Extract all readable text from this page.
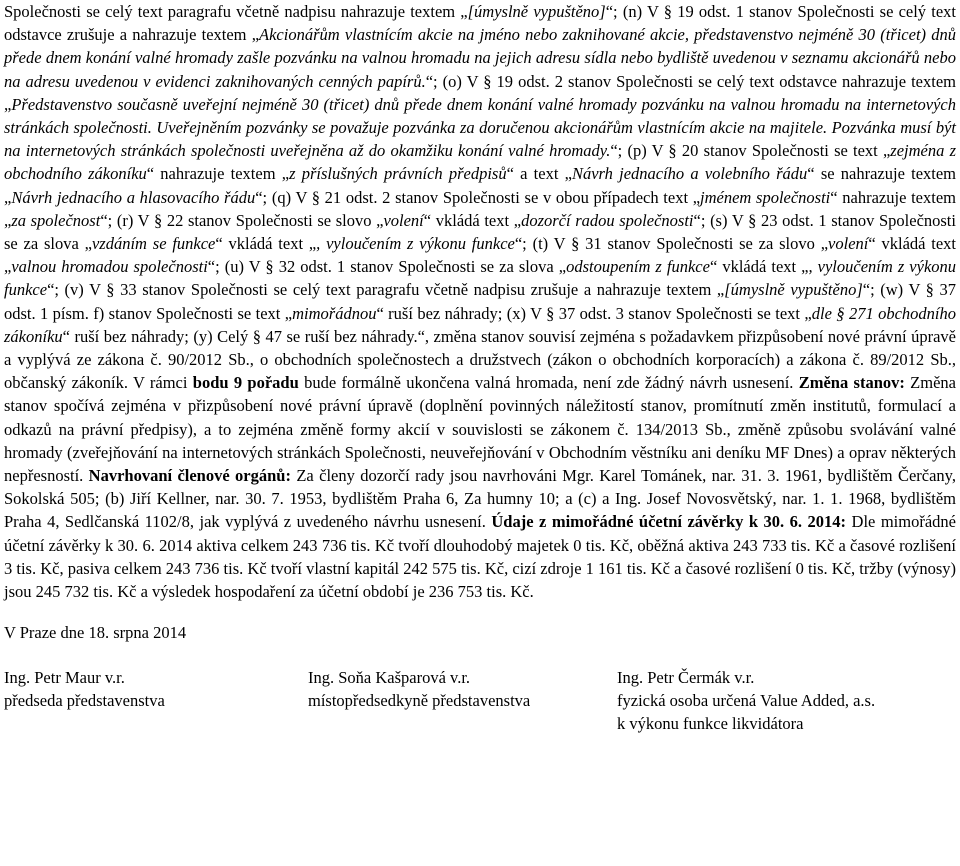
Společnosti se celý text paragrafu včetně nadpisu nahrazuje textem „[úmyslně vypuštěno]“; (n) V § 19 odst. 1 stanov Společnosti se celý text odstavce zrušuje a nahrazuje textem „Akcionářům vlastnícím akcie na jméno nebo zaknihované akcie, představenstvo nejméně 30 (třicet) dnů přede dnem konání valné hromady zašle pozvánku na valnou hromadu na jejich adresu sídla nebo bydliště uvedenou v seznamu akcionářů nebo na adresu uvedenou v evidenci zaknihovaných cenných papírů.“; (o) V § 19 odst. 2 stanov Společnosti se celý text odstavce nahrazuje textem „Představenstvo současně uveřejní nejméně 30 (třicet) dnů přede dnem konání valné hromady pozvánku na valnou hromadu na internetových stránkách společnosti. Uveřejněním pozvánky se považuje pozvánka za doručenou akcionářům vlastnícím akcie na majitele. Pozvánka musí být na internetových stránkách společnosti uveřejněna až do okamžiku konání valné hromady.“; (p) V § 20 stanov Společnosti se text „zejména z obchodního zákoníku“ nahrazuje textem „z příslušných právních předpisů“ a text „Návrh jednacího a volebního řádu“ se nahrazuje textem „Návrh jednacího a hlasovacího řádu“; (q) V § 21 odst. 2 stanov Společnosti se v obou případech text „jménem společnosti“ nahrazuje textem „za společnost“; (r) V § 22 stanov Společnosti se slovo „volení“ vkládá text „dozorčí radou společnosti“; (s) V § 23 odst. 1 stanov Společnosti se za slova „vzdáním se funkce“ vkládá text „, vyloučením z výkonu funkce“; (t) V § 31 stanov Společnosti se za slovo „volení“ vkládá text „valnou hromadou společnosti“; (u) V § 32 odst. 1 stanov Společnosti se za slova „odstoupením z funkce“ vkládá text „, vyloučením z výkonu funkce“; (v) V § 33 stanov Společnosti se celý text paragrafu včetně nadpisu zrušuje a nahrazuje textem „[úmyslně vypuštěno]“; (w) V § 37 odst. 1 písm. f) stanov Společnosti se text „mimořádnou“ ruší bez náhrady; (x) V § 37 odst. 3 stanov Společnosti se text „dle § 271 obchodního zákoníku“ ruší bez náhrady; (y) Celý § 47 se ruší bez náhrady.“, změna stanov souvisí zejména s požadavkem přizpůsobení nové právní úpravě a vyplývá ze zákona č. 90/2012 Sb., o obchodních společnostech a družstvech (zákon o obchodních korporacích) a zákona č. 89/2012 Sb., občanský zákoník. V rámci bodu 9 pořadu bude formálně ukončena valná hromada, není zde žádný návrh usnesení. Změna stanov: Změna stanov spočívá zejména v přizpůsobení nové právní úpravě (doplnění povinných náležitostí stanov, promítnutí změn institutů, formulací a odkazů na právní předpisy), a to zejména změně formy akcií v souvislosti se zákonem č. 134/2013 Sb., změně způsobu svolávání valné hromady (zveřejňování na internetových stránkách Společnosti, neuveřejňování v Obchodním věstníku ani deníku MF Dnes) a oprav některých nepřesností. Navrhovaní členové orgánů: Za členy dozorčí rady jsou navrhováni Mgr. Karel Tománek, nar. 31. 3. 1961, bydlištěm Čerčany, Sokolská 505; (b) Jiří Kellner, nar. 30. 7. 1953, bydlištěm Praha 6, Za humny 10; a (c) a Ing. Josef Novosvětský, nar. 1. 1. 1968, bydlištěm Praha 4, Sedlčanská 1102/8, jak vyplývá z uvedeného návrhu usnesení. Údaje z mimořádné účetní závěrky k 30. 6. 2014: Dle mimořádné účetní závěrky k 30. 6. 2014 aktiva celkem 243 736 tis. Kč tvoří dlouhodobý majetek 0 tis. Kč, oběžná aktiva 243 733 tis. Kč a časové rozlišení 3 tis. Kč, pasiva celkem 243 736 tis. Kč tvoří vlastní kapitál 242 575 tis. Kč, cizí zdroje 1 161 tis. Kč a časové rozlišení 0 tis. Kč, tržby (výnosy) jsou 245 732 tis. Kč a výsledek hospodaření za účetní období je 236 753 tis. Kč.

V Praze dne 18. srpna 2014
Ing. Petr Maur v.r.
předseda představenstva
Ing. Soňa Kašparová v.r.
místopředsedkyně představenstva
Ing. Petr Čermák v.r.
fyzická osoba určená Value Added, a.s.
k výkonu funkce likvidátora
